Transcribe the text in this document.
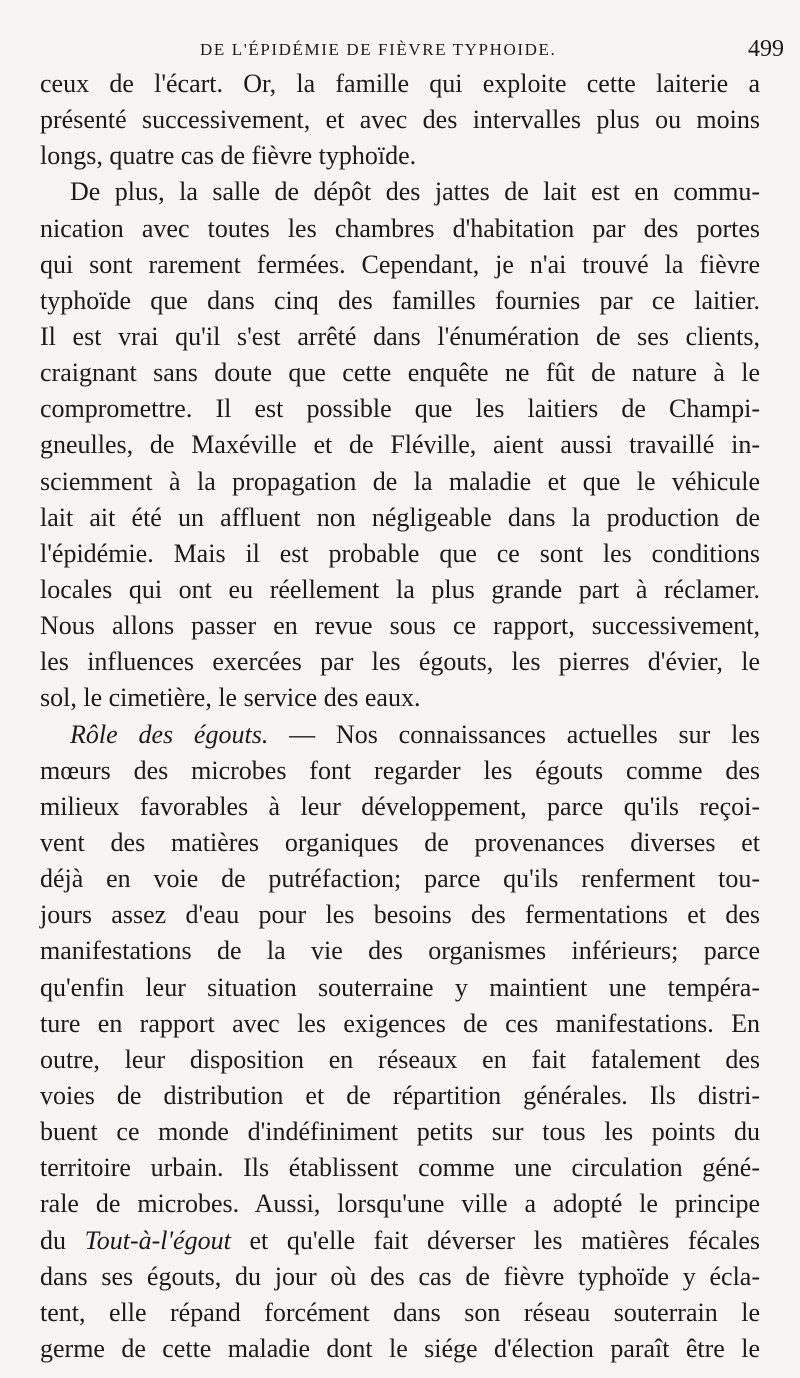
DE L'ÉPIDÉMIE DE FIÈVRE TYPHOIDE.	499
ceux de l'écart. Or, la famille qui exploite cette laiterie a
présenté successivement, et avec des intervalles plus ou moins
longs, quatre cas de fièvre typhoïde.
De plus, la salle de dépôt des jattes de lait est en commu-
nication avec toutes les chambres d'habitation par des portes
qui sont rarement fermées. Cependant, je n'ai trouvé la fièvre
typhoïde que dans cinq des familles fournies par ce laitier.
Il est vrai qu'il s'est arrêté dans l'énumération de ses clients,
craignant sans doute que cette enquête ne fût de nature à le
compromettre. Il est possible que les laitiers de Champi-
gneulles, de Maxéville et de Fléville, aient aussi travaillé in-
sciemment à la propagation de la maladie et que le véhicule
lait ait été un affluent non négligeable dans la production de
l'épidémie. Mais il est probable que ce sont les conditions
locales qui ont eu réellement la plus grande part à réclamer.
Nous allons passer en revue sous ce rapport, successivement,
les influences exercées par les égouts, les pierres d'évier, le
sol, le cimetière, le service des eaux.
Rôle des égouts. — Nos connaissances actuelles sur les
mœurs des microbes font regarder les égouts comme des
milieux favorables à leur développement, parce qu'ils reçoi-
vent des matières organiques de provenances diverses et
déjà en voie de putréfaction; parce qu'ils renferment tou-
jours assez d'eau pour les besoins des fermentations et des
manifestations de la vie des organismes inférieurs; parce
qu'enfin leur situation souterraine y maintient une tempéra-
ture en rapport avec les exigences de ces manifestations. En
outre, leur disposition en réseaux en fait fatalement des
voies de distribution et de répartition générales. Ils distri-
buent ce monde d'indéfiniment petits sur tous les points du
territoire urbain. Ils établissent comme une circulation géné-
rale de microbes. Aussi, lorsqu'une ville a adopté le principe
du Tout-à-l'égout et qu'elle fait déverser les matières fécales
dans ses égouts, du jour où des cas de fièvre typhoïde y écla-
tent, elle répand forcément dans son réseau souterrain le
germe de cette maladie dont le siége d'élection paraît être le
